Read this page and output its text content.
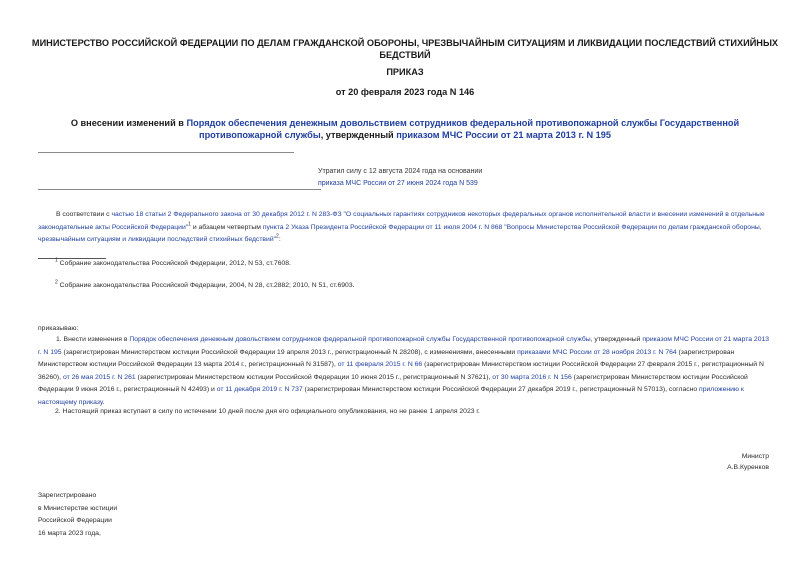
МИНИСТЕРСТВО РОССИЙСКОЙ ФЕДЕРАЦИИ ПО ДЕЛАМ ГРАЖДАНСКОЙ ОБОРОНЫ, ЧРЕЗВЫЧАЙНЫМ СИТУАЦИЯМ И ЛИКВИДАЦИИ ПОСЛЕДСТВИЙ СТИХИЙНЫХ БЕДСТВИЙ
ПРИКАЗ
от 20 февраля 2023 года N 146
О внесении изменений в Порядок обеспечения денежным довольствием сотрудников федеральной противопожарной службы Государственной противопожарной службы, утвержденный приказом МЧС России от 21 марта 2013 г. N 195
Утратил силу с 12 августа 2024 года на основании
приказа МЧС России от 27 июня 2024 года N 539
В соответствии с частью 18 статьи 2 Федерального закона от 30 декабря 2012 г. N 283-ФЗ "О социальных гарантиях сотрудников некоторых федеральных органов исполнительной власти и внесении изменений в отдельные законодательные акты Российской Федерации"$^1$ и абзацем четвертым пункта 2 Указа Президента Российской Федерации от 11 июля 2004 г. N 868 "Вопросы Министерства Российской Федерации по делам гражданской обороны, чрезвычайным ситуациям и ликвидации последствий стихийных бедствий"$^2$:
$^1$ Собрание законодательства Российской Федерации, 2012, N 53, ст.7608.
$^2$ Собрание законодательства Российской Федерации, 2004, N 28, ст.2882; 2010, N 51, ст.6903.
приказываю:
1. Внести изменения в Порядок обеспечения денежным довольствием сотрудников федеральной противопожарной службы Государственной противопожарной службы, утвержденный приказом МЧС России от 21 марта 2013 г. N 195 (зарегистрирован Министерством юстиции Российской Федерации 19 апреля 2013 г., регистрационный N 28208), с изменениями, внесенными приказами МЧС России от 28 ноября 2013 г. N 764 (зарегистрирован Министерством юстиции Российской Федерации 13 марта 2014 г., регистрационный N 31587), от 11 февраля 2015 г. N 66 (зарегистрирован Министерством юстиции Российской Федерации 27 февраля 2015 г., регистрационный N 36260), от 26 мая 2015 г. N 261 (зарегистрирован Министерством юстиции Российской Федерации 10 июня 2015 г., регистрационный N 37621), от 30 марта 2016 г. N 156 (зарегистрирован Министерством юстиции Российской Федерации 9 июня 2016 г., регистрационный N 42493) и от 11 декабря 2019 г. N 737 (зарегистрирован Министерством юстиции Российской Федерации 27 декабря 2019 г., регистрационный N 57013), согласно приложению к настоящему приказу.
2. Настоящий приказ вступает в силу по истечении 10 дней после дня его официального опубликования, но не ранее 1 апреля 2023 г.
Министр
А.В.Куренков
Зарегистрировано
в Министерстве юстиции
Российской Федерации
16 марта 2023 года,
